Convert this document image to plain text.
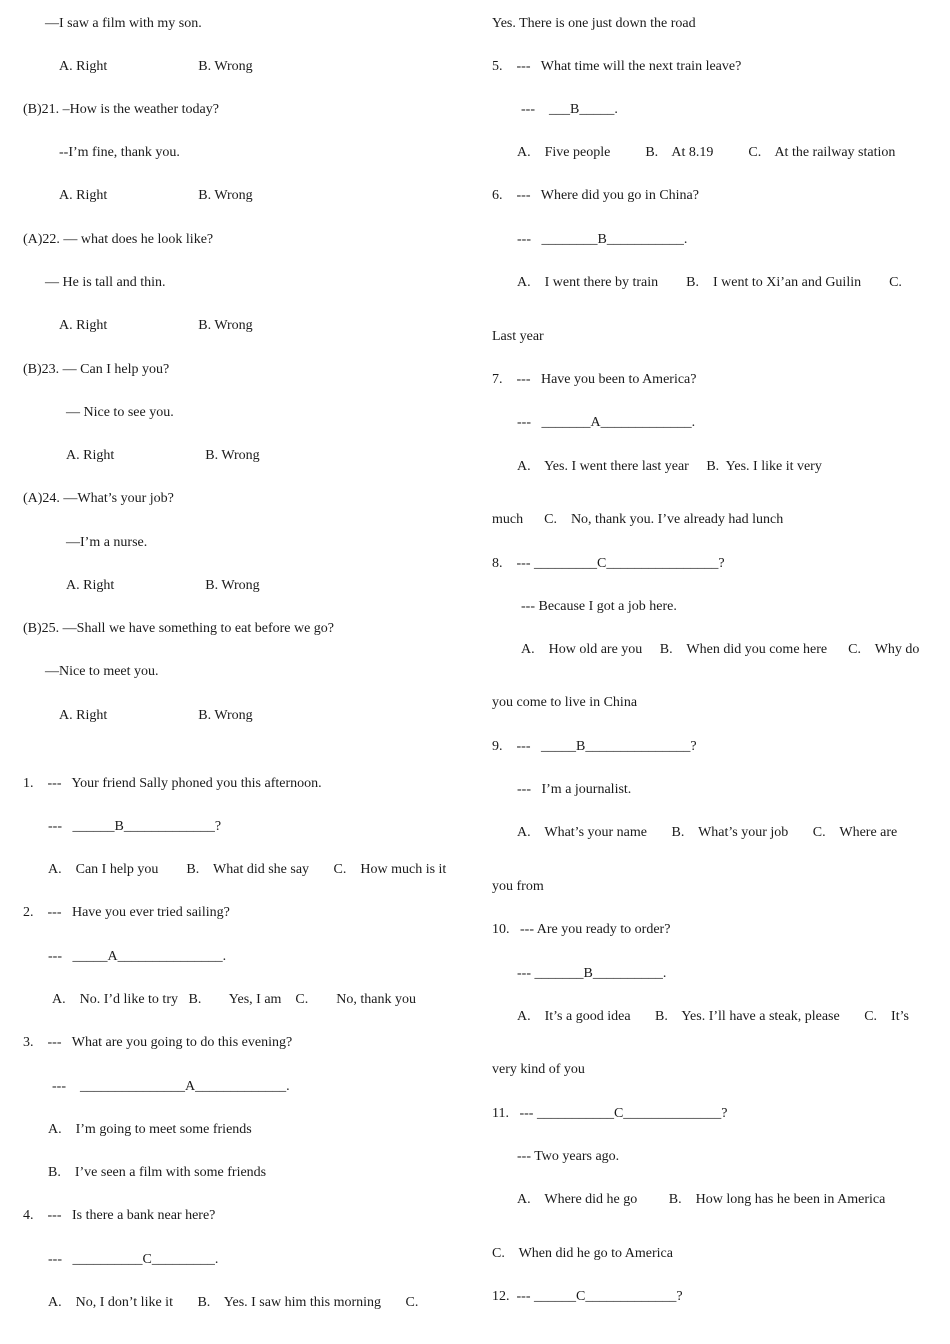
—I saw a film with my son.
A. Right                          B. Wrong
(B)21. –How is the weather today?
--I’m fine, thank you.
A. Right                          B. Wrong
(A)22. — what does he look like?
— He is tall and thin.
A. Right                          B. Wrong
(B)23. — Can I help you?
— Nice to see you.
A. Right                          B. Wrong
(A)24. —What’s your job?
—I’m a nurse.
A. Right                          B. Wrong
(B)25. —Shall we have something to eat before we go?
—Nice to meet you.
A. Right                          B. Wrong
1.    ---   Your friend Sally phoned you this afternoon.
---   ______B_____________?
A.    Can I help you        B.    What did she say       C.    How much is it
2.    ---   Have you ever tried sailing?
---   _____A_______________.
A.    No. I’d like to try   B.        Yes, I am    C.        No, thank you
3.    ---   What are you going to do this evening?
---    _______________A_____________.
A.    I’m going to meet some friends
B.    I’ve seen a film with some friends
4.    ---   Is there a bank near here?
---   __________C_________.
A.    No, I don’t like it       B.    Yes. I saw him this morning       C.
Yes. There is one just down the road
5.    ---   What time will the next train leave?
---    ___B_____.
A.    Five people          B.    At 8.19          C.    At the railway station
6.    ---   Where did you go in China?
---   ________B___________.
A.    I went there by train        B.    I went to Xi’an and Guilin        C.
Last year
7.    ---   Have you been to America?
---   _______A_____________.
A.    Yes. I went there last year     B.  Yes. I like it very
much      C.    No, thank you. I’ve already had lunch
8.    --- _________C________________?
--- Because I got a job here.
A.    How old are you     B.    When did you come here      C.    Why do
you come to live in China
9.    ---   _____B_______________?
---   I’m a journalist.
A.    What’s your name       B.    What’s your job       C.    Where are
you from
10.   --- Are you ready to order?
--- _______B__________.
A.    It’s a good idea       B.    Yes. I’ll have a steak, please       C.    It’s
very kind of you
11.   --- ___________C______________?
--- Two years ago.
A.    Where did he go         B.    How long has he been in America
C.    When did he go to America
12.  --- ______C_____________?
